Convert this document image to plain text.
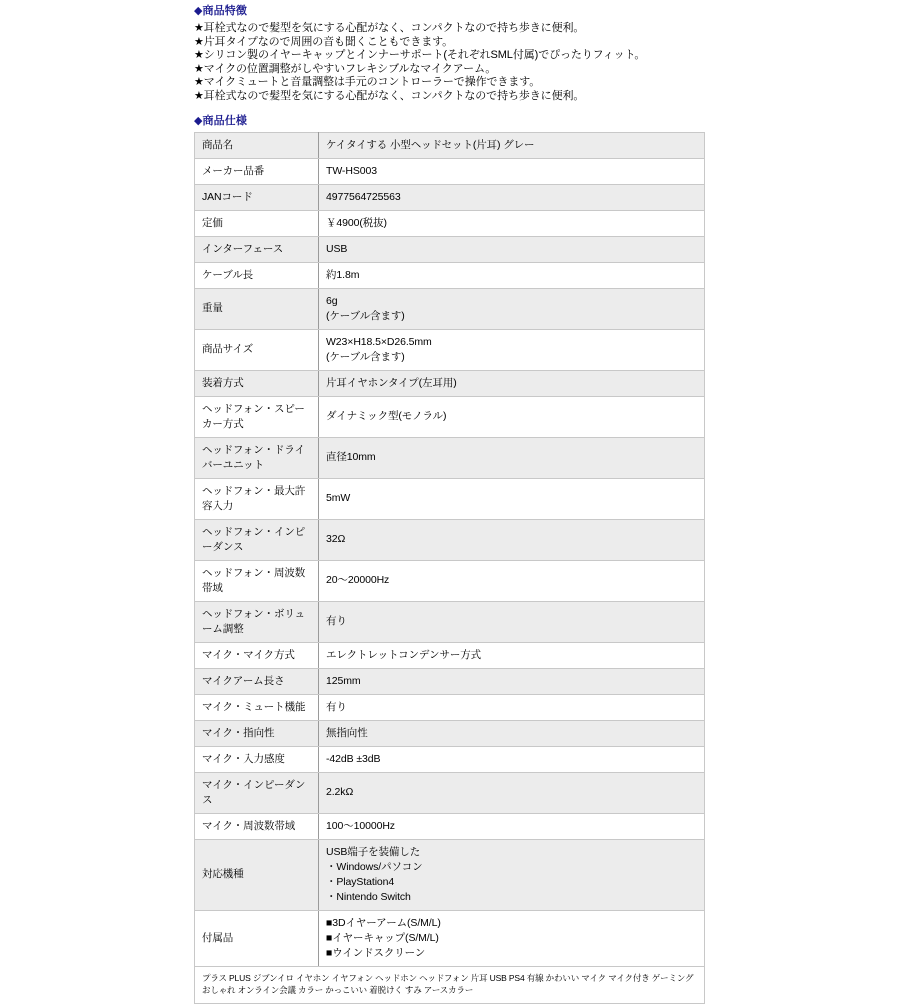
◆商品特徴
★耳栓式なので髪型を気にする心配がなく、コンパクトなので持ち歩きに便利。
★片耳タイプなので周囲の音も聞くこともできます。
★シリコン製のイヤーキャップとインナーサポート(それぞれSML付属)でぴったりフィット。
★マイクの位置調整がしやすいフレキシブルなマイクアーム。
★マイクミュートと音量調整は手元のコントローラーで操作できます。
★耳栓式なので髪型を気にする心配がなく、コンパクトなので持ち歩きに便利。
◆商品仕様
商品名	ケイタイする 小型ヘッドセット(片耳) グレー

メーカー品番	TW-HS003

JANコード	4977564725563

定価	￥4900(税抜)

インターフェース	USB

ケーブル長	約1.8m

重量	6g
(ケーブル含ます)

商品サイズ	W23×H18.5×D26.5mm
(ケーブル含ます)

装着方式	片耳イヤホンタイプ(左耳用)

ヘッドフォン・スピーカー方式	ダイナミック型(モノラル)

ヘッドフォン・ドライバーユニット	直径10mm

ヘッドフォン・最大許容入力	5mW

ヘッドフォン・インピーダンス	32Ω

ヘッドフォン・周波数帯域	20〜20000Hz

ヘッドフォン・ボリューム調整	有り

マイク・マイク方式	エレクトレットコンデンサー方式

マイクアーム長さ	125mm

マイク・ミュート機能	有り

マイク・指向性	無指向性

マイク・入力感度	-42dB ±3dB

マイク・インピーダンス	2.2kΩ

マイク・周波数帯域	100〜10000Hz

対応機種	USB端子を装備した
・Windows/パソコン
・PlayStation4
・Nintendo Switch

付属品	■3Dイヤーアーム(S/M/L)
■イヤーキャップ(S/M/L)
■ウインドスクリーン

プラス PLUS ジブンイロ イヤホン イヤフォン ヘッドホン ヘッドフォン 片耳 USB PS4 有線 かわいい マイク マイク付き ゲーミング おしゃれ オンライン会議 カラー かっこいい 着脱けく すみ アースカラー	
